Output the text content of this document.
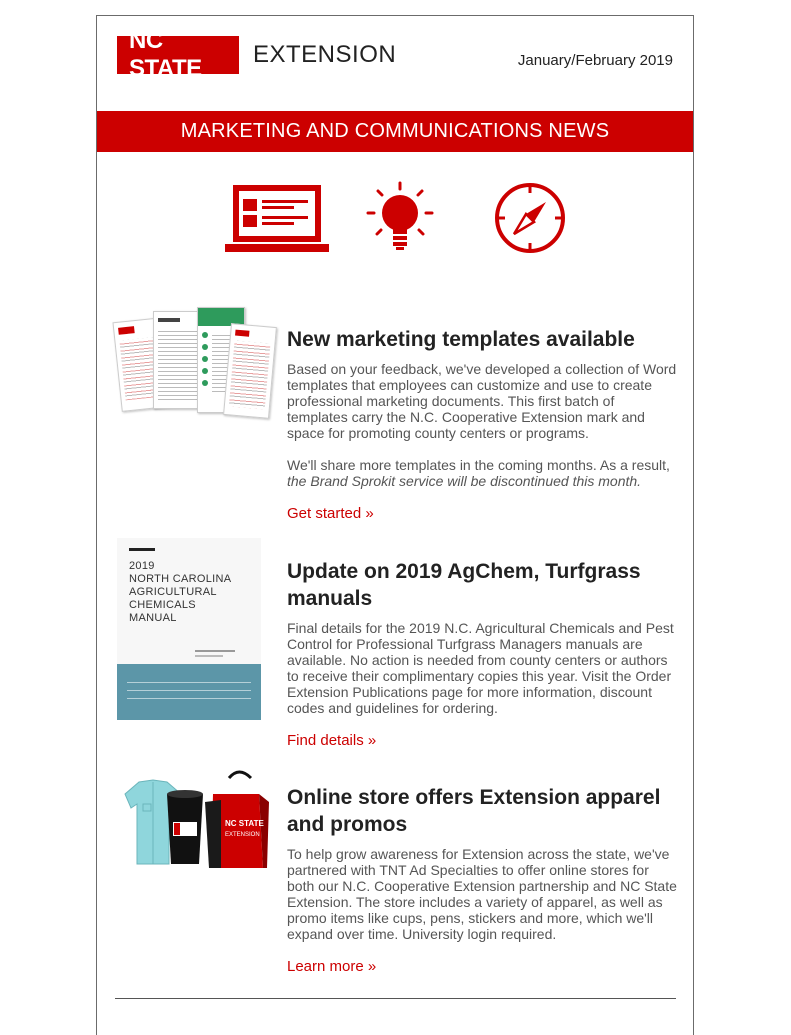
NC STATE
EXTENSION	January/February 2019
MARKETING AND COMMUNICATIONS NEWS
New marketing templates available

Based on your feedback, we've developed a collection of Word templates that employees can customize and use to create professional marketing documents. This first batch of templates carry the N.C. Cooperative Extension mark and space for promoting county centers or programs.

We'll share more templates in the coming months. As a result, the Brand Sprokit service will be discontinued this month.

Get started »
2019
NORTH CAROLINA
AGRICULTURAL
CHEMICALS
MANUAL
Update on 2019 AgChem, Turfgrass manuals

Final details for the 2019 N.C. Agricultural Chemicals and Pest Control for Professional Turfgrass Managers manuals are available. No action is needed from county centers or authors to receive their complimentary copies this year. Visit the Order Extension Publications page for more information, discount codes and guidelines for ordering.

Find details »
NC STATE
EXTENSION
Online store offers Extension apparel and promos

To help grow awareness for Extension across the state, we've partnered with TNT Ad Specialties to offer online stores for both our N.C. Cooperative Extension partnership and NC State Extension. The store includes a variety of apparel, as well as promo items like cups, pens, stickers and more, which we'll expand over time. University login required.

Learn more »
